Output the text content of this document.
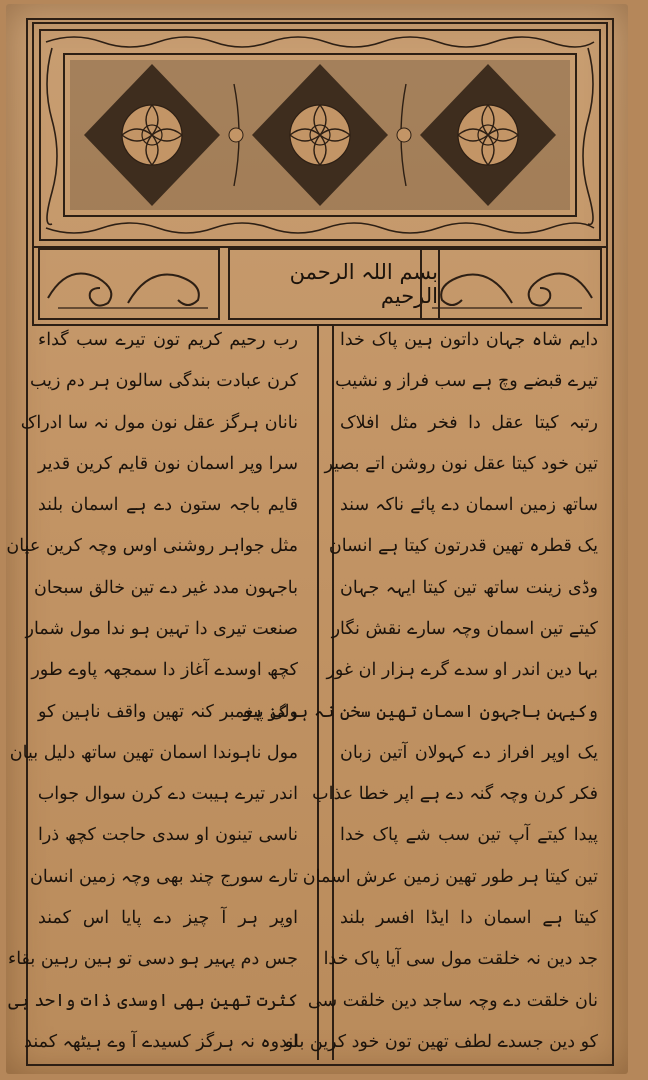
بسم اللہ الرحمن الرحیم
دایم شاہ جہان داتون ہین پاک خدا
تیرے قبضے وچ ہے سب فراز و نشیب
رتبہ کیتا عقل دا فخر مثل افلاک
تین خود کیتا عقل نون روشن اتے بصیر
ساتھ زمین اسمان دے پائے ناکہ سند
یک قطرہ تھین قدرتون کیتا ہے انسان
وڈی زینت ساتھ تین کیتا ایہہ جہان
کیتے تین اسمان وچہ سارے نقش نگار
بہا دین اندر او سدے گرے ہزار ان غور
وکیہن باجہون اسمان تھین سخن نہ ہرگز ہو
یک اوپر افراز دے کہولان آتین زبان
فکر کرن وچہ گنہ دے ہے اپر خطا عذاب
پیدا کیتے آپ تین سب شے پاک خدا
تین کیتا ہر طور تھین زمین عرش اسمان
کیتا ہے اسمان دا ایڈا افسر بلند
جد دین نہ خلقت مول سی آیا پاک خدا
نان خلقت دے وچہ ساجد دین خلقت سی
کو دین جسدے لطف تھین تون خود کرین بلند
رب رحیم کریم تون تیرے سب گداء
کرن عبادت بندگی سالون ہر دم زیب
نانان ہرگز عقل نون مول نہ سا ادراک
سرا وپر اسمان نون قایم کرین قدیر
قایم باجہ ستون دے ہے اسمان بلند
مثل جواہر روشنی اوس وچہ کرین عیان
باجہون مدد غیر دے تین خالق سبحان
صنعت تیری دا تہین ہو ندا مول شمار
کچھ اوسدے آغاز دا سمجھہ پاوے طور
ولی پیغمبر کنہ تھین واقف ناہین کو
مول ناہوندا اسمان تھین ساتھ دلیل بیان
اندر تیرے ہیبت دے کرن سوال جواب
ناسی تینون او سدی حاجت کچھ ذرا
تارے سورج چند بھی وچہ زمین انسان
اوپر ہر آ چیز دے پایا اس کمند
جس دم پہیر ہو دسی تو ہین رہین بقاء
کثرت تھین بھی اوسدی ذات واحد ہی
او وہ نہ ہرگز کسیدے آ وے ہیٹھہ کمند
